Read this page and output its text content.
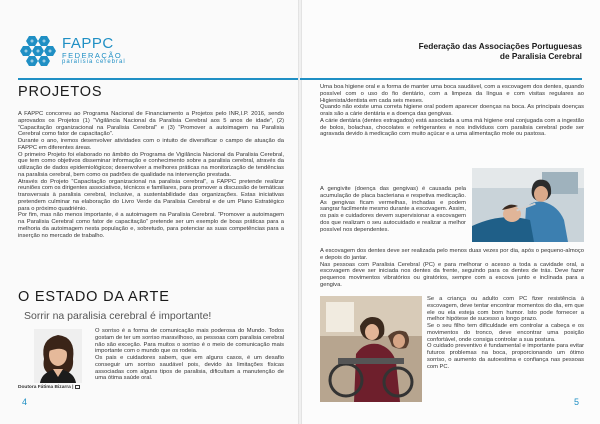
FAPPC
FEDERAÇÃO
paralisia cerebral
PROJETOS

A FAPPC concorreu ao Programa Nacional de Financiamento a Projetos pelo INR,I.P. 2016, sendo aprovados os Projetos (1) “Vigilância Nacional da Paralisia Cerebral aos 5 anos de idade”, (2) “Capacitação organizacional na Paralisia Cerebral” e (3) “Promover a autoimagem na Paralisia Cerebral como fator de capacitação”.

Durante o ano, iremos desenvolver atividades com o intuito de diversificar o campo de atuação da FAPPC em diferentes áreas.

O primeiro Projeto foi elaborado no âmbito do Programa de Vigilância Nacional da Paralisia Cerebral, que tem como objetivos disseminar informação e conhecimento sobre a paralisia cerebral, através da utilização de dados epidemiológicos; desenvolver a melhores práticas na monitorização de tendências na paralisia cerebral, bem como os padrões de qualidade na intervenção prestada.

Através do Projeto “Capacitação organizacional na paralisia cerebral”, a FAPPC pretende realizar reuniões com os dirigentes associativos, técnicos e familiares, para promover a discussão de temáticas transversais à paralisia cerebral, inclusive, a sustentabilidade das organizações. Estas iniciativas pretendem culminar na elaboração do Livro Verde da Paralisia Cerebral e de um Plano Estratégico para o próximo quadriénio.

Por fim, mas não menos importante, é a autoimagem na Paralisia Cerebral. “Promover a autoimagem na Paralisia Cerebral como fator de capacitação” pretende ser um exemplo de boas práticas para a melhoria da autoimagem nesta população e, sobretudo, para potenciar as suas competências para a inserção no mercado de trabalho.

O ESTADO DA ARTE
Sorrir na paralisia cerebral é importante!
Doutora Fátima Bizarra |

O sorriso é a forma de comunicação mais poderosa do Mundo. Todos gostam de ter um sorriso maravilhoso, as pessoas com paralisia cerebral não são exceção. Para muitos o sorriso é o meio de comunicação mais importante com o mundo que os rodeia.

Os pais e cuidadores sabem, que em alguns casos, é um desafio conseguir um sorriso saudável pois, devido às limitações físicas associadas com alguns tipos de paralisia, dificultam a manutenção de uma ótima saúde oral.

4
Federação das Associações Portuguesas
de Paralisia Cerebral

Uma boa higiene oral e a forma de manter uma boca saudável, com a escovagem dos dentes, quando possível com o uso do fio dentário, com a limpeza da língua e com visitas regulares ao Higienista/dentista em cada seis meses.

Quando não existe uma correta higiene oral podem aparecer doenças na boca. As principais doenças orais são a cárie dentária e a doença das gengivas.

A cárie dentária (dentes estragados) está associada a uma má higiene oral conjugada com a ingestão de bolos, bolachas, chocolates e refrigerantes e nos indivíduos com paralisia cerebral pode ser agravada devido à medicação com muito açúcar e a uma alimentação mole ou pastosa.

A gengivite (doença das gengivas) é causada pela acumulação de placa bacteriana e respetiva medicação. As gengivas ficam vermelhas, inchadas e podem sangrar facilmente mesmo durante a escovagem. Assim, os pais e cuidadores devem supervisionar a escovagem dos que realizam o seu autocuidado e realizar a melhor possível nos dependentes.

A escovagem dos dentes deve ser realizada pelo menos duas vezes por dia, após o pequeno-almoço e depois do jantar.

Nas pessoas com Paralisia Cerebral (PC) e para melhorar o acesso a toda a cavidade oral, a escovagem deve ser iniciada nos dentes da frente, seguindo para os dentes de trás. Deve fazer pequenos movimentos vibratórios ou giratórios, sempre com a escova junto e inclinada para a gengiva.

Se a criança ou adulto com PC fizer resistência à escovagem, deve tentar encontrar momentos do dia, em que ele ou ela esteja com bom humor. Isto pode fornecer a melhor hipótese de sucesso a longo prazo.

Se o seu filho tem dificuldade em controlar a cabeça e os movimentos do tronco, deve encontrar uma posição confortável, onde consiga controlar a sua postura.

O cuidado preventivo é fundamental e importante para evitar futuros problemas na boca, proporcionando um ótimo sorriso, o aumento da autoestima e confiança nas pessoas com PC.

5
